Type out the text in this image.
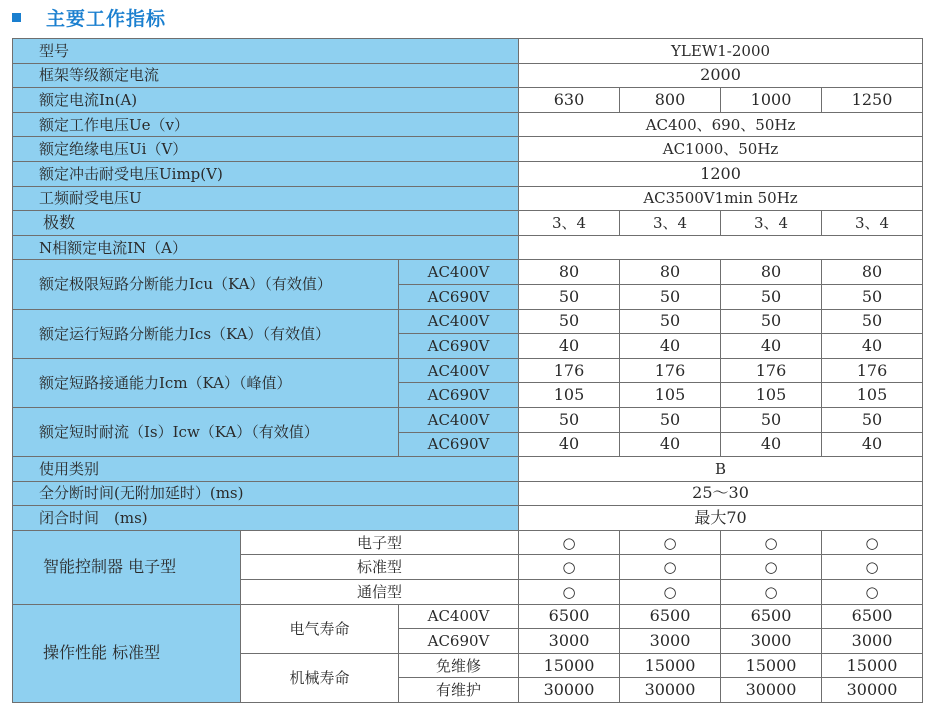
主要工作指标
型号			YLEW1-2000			
框架等级额定电流			2000			
额定电流In(A)			630	800	1000	1250
额定工作电压Ue（v）			AC400、690、50Hz			
额定绝缘电压Ui（V）			AC1000、50Hz			
额定冲击耐受电压Uimp(V)			1200			
工频耐受电压U			AC3500V1min 50Hz			
极数			3、4	3、4	3、4	3、4
N相额定电流IN（A）						
额定极限短路分断能力Icu（KA）（有效值）		AC400V	80	80	80	80
		AC690V	50	50	50	50
额定运行短路分断能力Ics（KA）（有效值）		AC400V	50	50	50	50
		AC690V	40	40	40	40
额定短路接通能力Icm（KA）（峰值）		AC400V	176	176	176	176
		AC690V	105	105	105	105
额定短时耐流（Is）Icw（KA）（有效值）		AC400V	50	50	50	50
		AC690V	40	40	40	40
使用类别			B			
全分断时间(无附加延时）(ms)			25～30			
闭合时间　(ms)			最大70			
智能控制器 电子型	电子型		○	○	○	○
	标准型		○	○	○	○
	通信型		○	○	○	○
操作性能 标准型	电气寿命	AC400V	6500	6500	6500	6500
		AC690V	3000	3000	3000	3000
	机械寿命	免维修	15000	15000	15000	15000
		有维护	30000	30000	30000	30000
